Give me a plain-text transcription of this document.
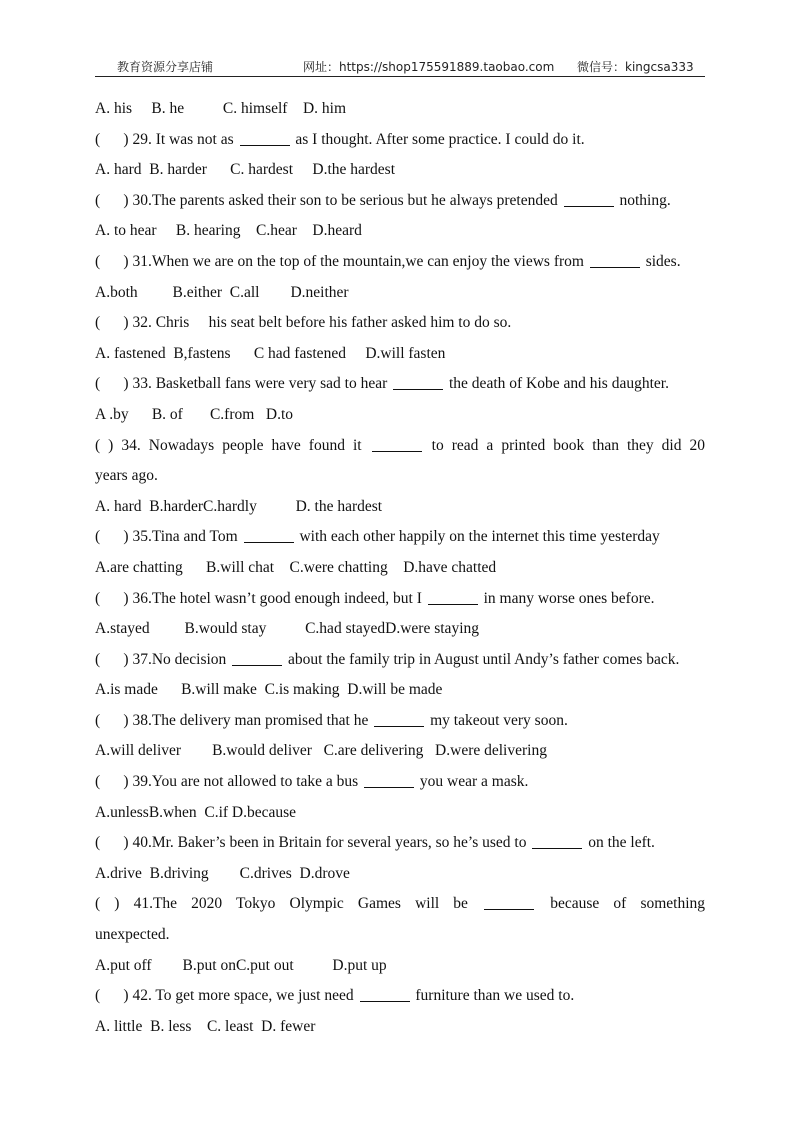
教育资源分享店铺	网址：https://shop175591889.taobao.com 微信号：kingcsa333
A. his     B. he          C. himself    D. him
(      ) 29. It was not as	as I thought. After some practice. I could do it.
A. hard  B. harder      C. hardest     D.the hardest
(      ) 30.The parents asked their son to be serious but he always pretended	nothing.
A. to hear     B. hearing    C.hear    D.heard
(      ) 31.When we are on the top of the mountain,we can enjoy the views from	sides.
A.both         B.either  C.all        D.neither
(      ) 32. Chris     his seat belt before his father asked him to do so.
A. fastened  B,fastens      C had fastened     D.will fasten
(      ) 33. Basketball fans were very sad to hear	the death of Kobe and his daughter.
A .by      B. of       C.from   D.to
( ) 34. Nowadays people have found it	to read a printed book than they did 20
years ago.
A. hard  B.harderC.hardly          D. the hardest
(      ) 35.Tina and Tom	with each other happily on the internet this time yesterday
A.are chatting      B.will chat    C.were chatting    D.have chatted
(      ) 36.The hotel wasn’t good enough indeed, but I	in many worse ones before.
A.stayed         B.would stay          C.had stayedD.were staying
(      ) 37.No decision	about the family trip in August until Andy’s father comes back.
A.is made      B.will make  C.is making  D.will be made
(      ) 38.The delivery man promised that he	my takeout very soon.
A.will deliver        B.would deliver   C.are delivering   D.were delivering
(      ) 39.You are not allowed to take a bus	you wear a mask.
A.unlessB.when  C.if D.because
(      ) 40.Mr. Baker’s been in Britain for several years, so he’s used to	on the left.
A.drive  B.driving        C.drives  D.drove
( ) 41.The 2020 Tokyo Olympic Games will be	because of something
unexpected.
A.put off        B.put onC.put out          D.put up
(      ) 42. To get more space, we just need	furniture than we used to.
A. little  B. less    C. least  D. fewer
